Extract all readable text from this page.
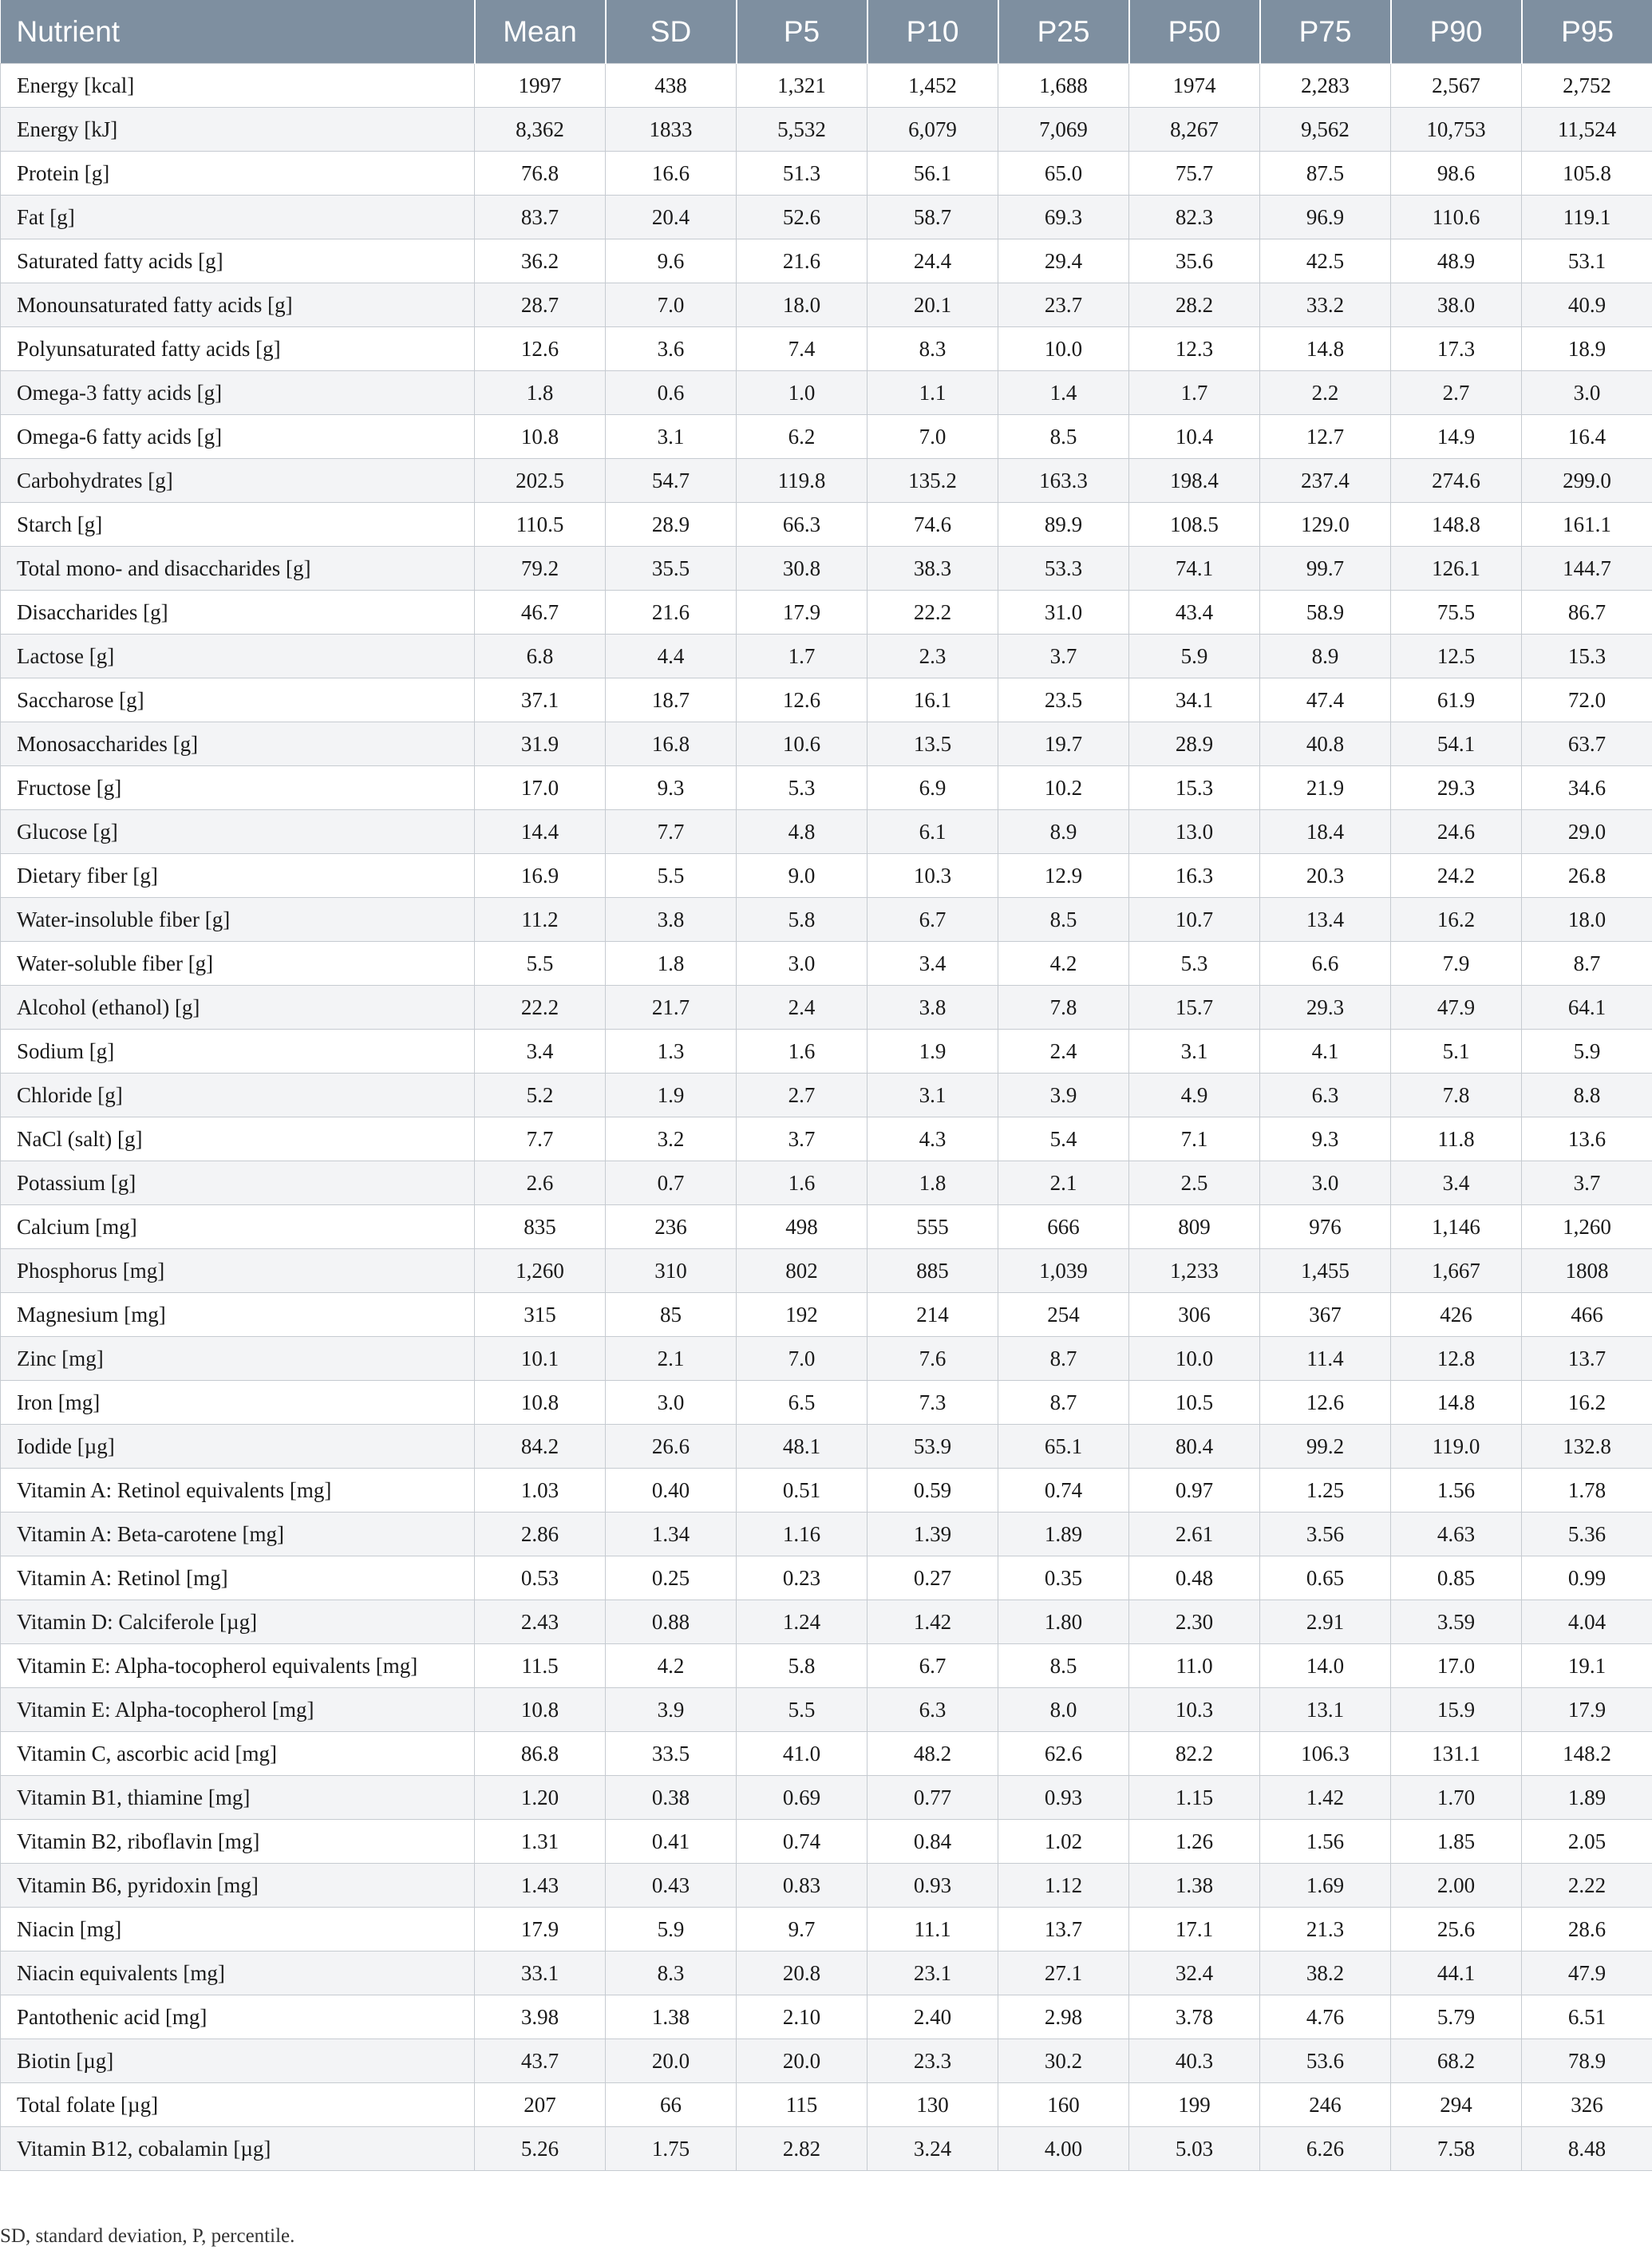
Nutrient	Mean	SD	P5	P10	P25	P50	P75	P90	P95
Energy [kcal]	1997	438	1,321	1,452	1,688	1974	2,283	2,567	2,752
Energy [kJ]	8,362	1833	5,532	6,079	7,069	8,267	9,562	10,753	11,524
Protein [g]	76.8	16.6	51.3	56.1	65.0	75.7	87.5	98.6	105.8
Fat [g]	83.7	20.4	52.6	58.7	69.3	82.3	96.9	110.6	119.1
Saturated fatty acids [g]	36.2	9.6	21.6	24.4	29.4	35.6	42.5	48.9	53.1
Monounsaturated fatty acids [g]	28.7	7.0	18.0	20.1	23.7	28.2	33.2	38.0	40.9
Polyunsaturated fatty acids [g]	12.6	3.6	7.4	8.3	10.0	12.3	14.8	17.3	18.9
Omega-3 fatty acids [g]	1.8	0.6	1.0	1.1	1.4	1.7	2.2	2.7	3.0
Omega-6 fatty acids [g]	10.8	3.1	6.2	7.0	8.5	10.4	12.7	14.9	16.4
Carbohydrates [g]	202.5	54.7	119.8	135.2	163.3	198.4	237.4	274.6	299.0
Starch [g]	110.5	28.9	66.3	74.6	89.9	108.5	129.0	148.8	161.1
Total mono- and disaccharides [g]	79.2	35.5	30.8	38.3	53.3	74.1	99.7	126.1	144.7
Disaccharides [g]	46.7	21.6	17.9	22.2	31.0	43.4	58.9	75.5	86.7
Lactose [g]	6.8	4.4	1.7	2.3	3.7	5.9	8.9	12.5	15.3
Saccharose [g]	37.1	18.7	12.6	16.1	23.5	34.1	47.4	61.9	72.0
Monosaccharides [g]	31.9	16.8	10.6	13.5	19.7	28.9	40.8	54.1	63.7
Fructose [g]	17.0	9.3	5.3	6.9	10.2	15.3	21.9	29.3	34.6
Glucose [g]	14.4	7.7	4.8	6.1	8.9	13.0	18.4	24.6	29.0
Dietary fiber [g]	16.9	5.5	9.0	10.3	12.9	16.3	20.3	24.2	26.8
Water-insoluble fiber [g]	11.2	3.8	5.8	6.7	8.5	10.7	13.4	16.2	18.0
Water-soluble fiber [g]	5.5	1.8	3.0	3.4	4.2	5.3	6.6	7.9	8.7
Alcohol (ethanol) [g]	22.2	21.7	2.4	3.8	7.8	15.7	29.3	47.9	64.1
Sodium [g]	3.4	1.3	1.6	1.9	2.4	3.1	4.1	5.1	5.9
Chloride [g]	5.2	1.9	2.7	3.1	3.9	4.9	6.3	7.8	8.8
NaCl (salt) [g]	7.7	3.2	3.7	4.3	5.4	7.1	9.3	11.8	13.6
Potassium [g]	2.6	0.7	1.6	1.8	2.1	2.5	3.0	3.4	3.7
Calcium [mg]	835	236	498	555	666	809	976	1,146	1,260
Phosphorus [mg]	1,260	310	802	885	1,039	1,233	1,455	1,667	1808
Magnesium [mg]	315	85	192	214	254	306	367	426	466
Zinc [mg]	10.1	2.1	7.0	7.6	8.7	10.0	11.4	12.8	13.7
Iron [mg]	10.8	3.0	6.5	7.3	8.7	10.5	12.6	14.8	16.2
Iodide [µg]	84.2	26.6	48.1	53.9	65.1	80.4	99.2	119.0	132.8
Vitamin A: Retinol equivalents [mg]	1.03	0.40	0.51	0.59	0.74	0.97	1.25	1.56	1.78
Vitamin A: Beta-carotene [mg]	2.86	1.34	1.16	1.39	1.89	2.61	3.56	4.63	5.36
Vitamin A: Retinol [mg]	0.53	0.25	0.23	0.27	0.35	0.48	0.65	0.85	0.99
Vitamin D: Calciferole [µg]	2.43	0.88	1.24	1.42	1.80	2.30	2.91	3.59	4.04
Vitamin E: Alpha-tocopherol equivalents [mg]	11.5	4.2	5.8	6.7	8.5	11.0	14.0	17.0	19.1
Vitamin E: Alpha-tocopherol [mg]	10.8	3.9	5.5	6.3	8.0	10.3	13.1	15.9	17.9
Vitamin C, ascorbic acid [mg]	86.8	33.5	41.0	48.2	62.6	82.2	106.3	131.1	148.2
Vitamin B1, thiamine [mg]	1.20	0.38	0.69	0.77	0.93	1.15	1.42	1.70	1.89
Vitamin B2, riboflavin [mg]	1.31	0.41	0.74	0.84	1.02	1.26	1.56	1.85	2.05
Vitamin B6, pyridoxin [mg]	1.43	0.43	0.83	0.93	1.12	1.38	1.69	2.00	2.22
Niacin [mg]	17.9	5.9	9.7	11.1	13.7	17.1	21.3	25.6	28.6
Niacin equivalents [mg]	33.1	8.3	20.8	23.1	27.1	32.4	38.2	44.1	47.9
Pantothenic acid [mg]	3.98	1.38	2.10	2.40	2.98	3.78	4.76	5.79	6.51
Biotin [µg]	43.7	20.0	20.0	23.3	30.2	40.3	53.6	68.2	78.9
Total folate [µg]	207	66	115	130	160	199	246	294	326
Vitamin B12, cobalamin [µg]	5.26	1.75	2.82	3.24	4.00	5.03	6.26	7.58	8.48
SD, standard deviation, P, percentile.
